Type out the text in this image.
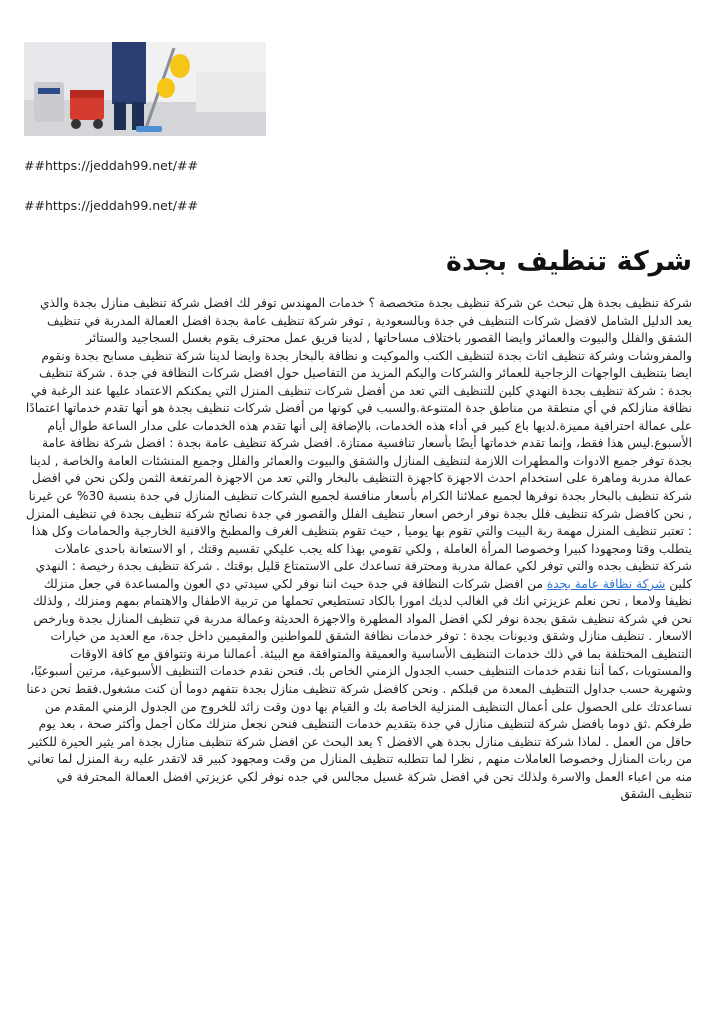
##https://jeddah99.net/##
##https://jeddah99.net/##
شركة تنظيف بجدة
شركة تنظيف بجدة هل تبحث عن شركة تنظيف بجدة متخصصة ؟ خدمات المهندس توفر لك افضل شركة تنظيف منازل بجدة والذي يعد الدليل الشامل لافضل شركات التنظيف في جدة وبالسعودية , توفر شركة تنظيف عامة بجدة افضل العمالة المدربة في تنظيف الشقق والفلل والبيوت والعمائر وايضا القصور باختلاف مساحاتها , لدينا فريق عمل محترف يقوم بغسل السجاجيد والستائر والمفروشات وشركة تنظيف اثاث بجدة لتنظيف الكنب والموكيت و نظافة بالبخار بجدة وايضا لدينا شركة تنظيف مسابح بجدة ونقوم ايضا بتنظيف الواجهات الزجاجية للعمائر والشركات واليكم المزيد من التفاصيل حول افضل شركات النظافة في جدة . شركة تنظيف بجدة : شركة تنظيف بجدة النهدي كلين للتنظيف التي تعد من أفضل شركات تنظيف المنزل التي يمكنكم الاعتماد عليها عند الرغبة في نظافة منازلكم في أي منطقة من مناطق جدة المتنوعة.والسبب في كونها من أفضل شركات تنظيف بجدة هو أنها تقدم خدماتها اعتمادًا على عمالة احترافية مميزة.لديها باع كبير في أداء هذه الخدمات، بالإضافة إلى أنها تقدم هذه الخدمات على مدار الساعة طوال أيام الأسبوع.ليس هذا فقط، وإنما تقدم خدماتها أيضًا بأسعار تنافسية ممتازة. افضل شركة تنظيف عامة بجدة : افضل شركة نظافة عامة بجدة توفر جميع الادوات والمطهرات اللازمة لتنظيف المنازل والشقق والبيوت والعمائر والفلل وجميع المنشئات العامة والخاصة , لدينا عمالة مدربة وماهرة على استخدام احدث الاجهزة كاجهزة التنظيف بالبخار والتي تعد من الاجهزة المرتفعة الثمن ولكن نحن في افضل شركة تنظيف بالبخار بجدة نوفرها لجميع عملائنا الكرام بأسعار منافسة لجميع الشركات تنظيف المنازل في جدة بنسبة 30% عن غيرنا , نحن كافضل شركة تنظيف فلل بجدة نوفر ارخص اسعار تنظيف الفلل والقصور في جدة نصائح شركة تنظيف بجدة في تنظيف المنزل : تعتبر تنظيف المنزل مهمة ربة البيت والتي تقوم بها يوميا , حيث تقوم بتنظيف الغرف والمطبخ والافنية الخارجية والحمامات وكل هذا يتطلب وقتا ومجهودا كبيرا وخصوصا المرأة العاملة , ولكي تقومي بهذا كله يجب عليكي تقسيم وقتك , او الاستعانة باحدى عاملات شركة تنظيف بجده والتي توفر لكي عمالة مدربة ومحترفة تساعدك على الاستمتاع قليل بوقتك . شركة تنظيف بجدة رخيصة : النهدي كلين شركة نظافة عامة بجدة من افضل شركات النظافة في جدة حيث اننا نوفر لكي سيدتي دي العون والمساعدة في جعل منزلك نظيفا ولامعا , نحن نعلم عزيزتي انك في الغالب لديك امورا بالكاد تستطيعي تحملها من تربية الاطفال والاهتمام بمهم ومنزلك , ولذلك نحن في شركة تنظيف شقق بجدة نوفر لكي افضل المواد المطهرة والاجهزة الحديثة وعمالة مدربة في تنظيف المنازل بجدة وبارخص الاسعار . تنظيف منازل وشقق وديونات بجدة : توفر خدمات نظافة الشقق للمواطنين والمقيمين داخل جدة، مع العديد من خيارات التنظيف المختلفة بما في ذلك خدمات التنظيف الأساسية والعميقة والمتوافقة مع البيئة. أعمالنا مرنة وتتوافق مع كافة الاوقات والمستويات ،كما أننا نقدم خدمات التنظيف حسب الجدول الزمني الخاص بك. فنحن نقدم خدمات التنظيف الأسبوعية، مرتين أسبوعيًا، وشهرية حسب جداول التنظيف المعدة من قبلكم . ونحن كافضل شركة تنظيف منازل بجدة نتفهم دوما أن كنت مشغول.فقط نحن دعنا نساعدتك على الحصول على أعمال التنظيف المنزلية الخاصة بك و القيام بها دون وقت زائد للخروج من الجدول الزمني المقدم من طرفكم .ثق دوما بافضل شركة لتنظيف منازل في جدة بتقديم خدمات التنظيف فنحن نجعل منزلك مكان أجمل وأكثر صحة ، بعد يوم حافل من العمل . لماذا شركة تنظيف منازل بجدة هي الافضل ؟ يعد البحث عن افضل شركة تنظيف منازل بجدة امر يثير الحيرة للكثير من ربات المنازل وخصوصا العاملات منهم , نظرا لما تتطلبه تنظيف المنازل من وقت ومجهود كبير قد لاتقدر عليه ربة المنزل لما تعاني منه من اعباء العمل والاسرة ولذلك نحن في افضل شركة غسيل مجالس في جده نوفر لكي عزيزتي افضل العمالة المحترفة في تنظيف الشقق
